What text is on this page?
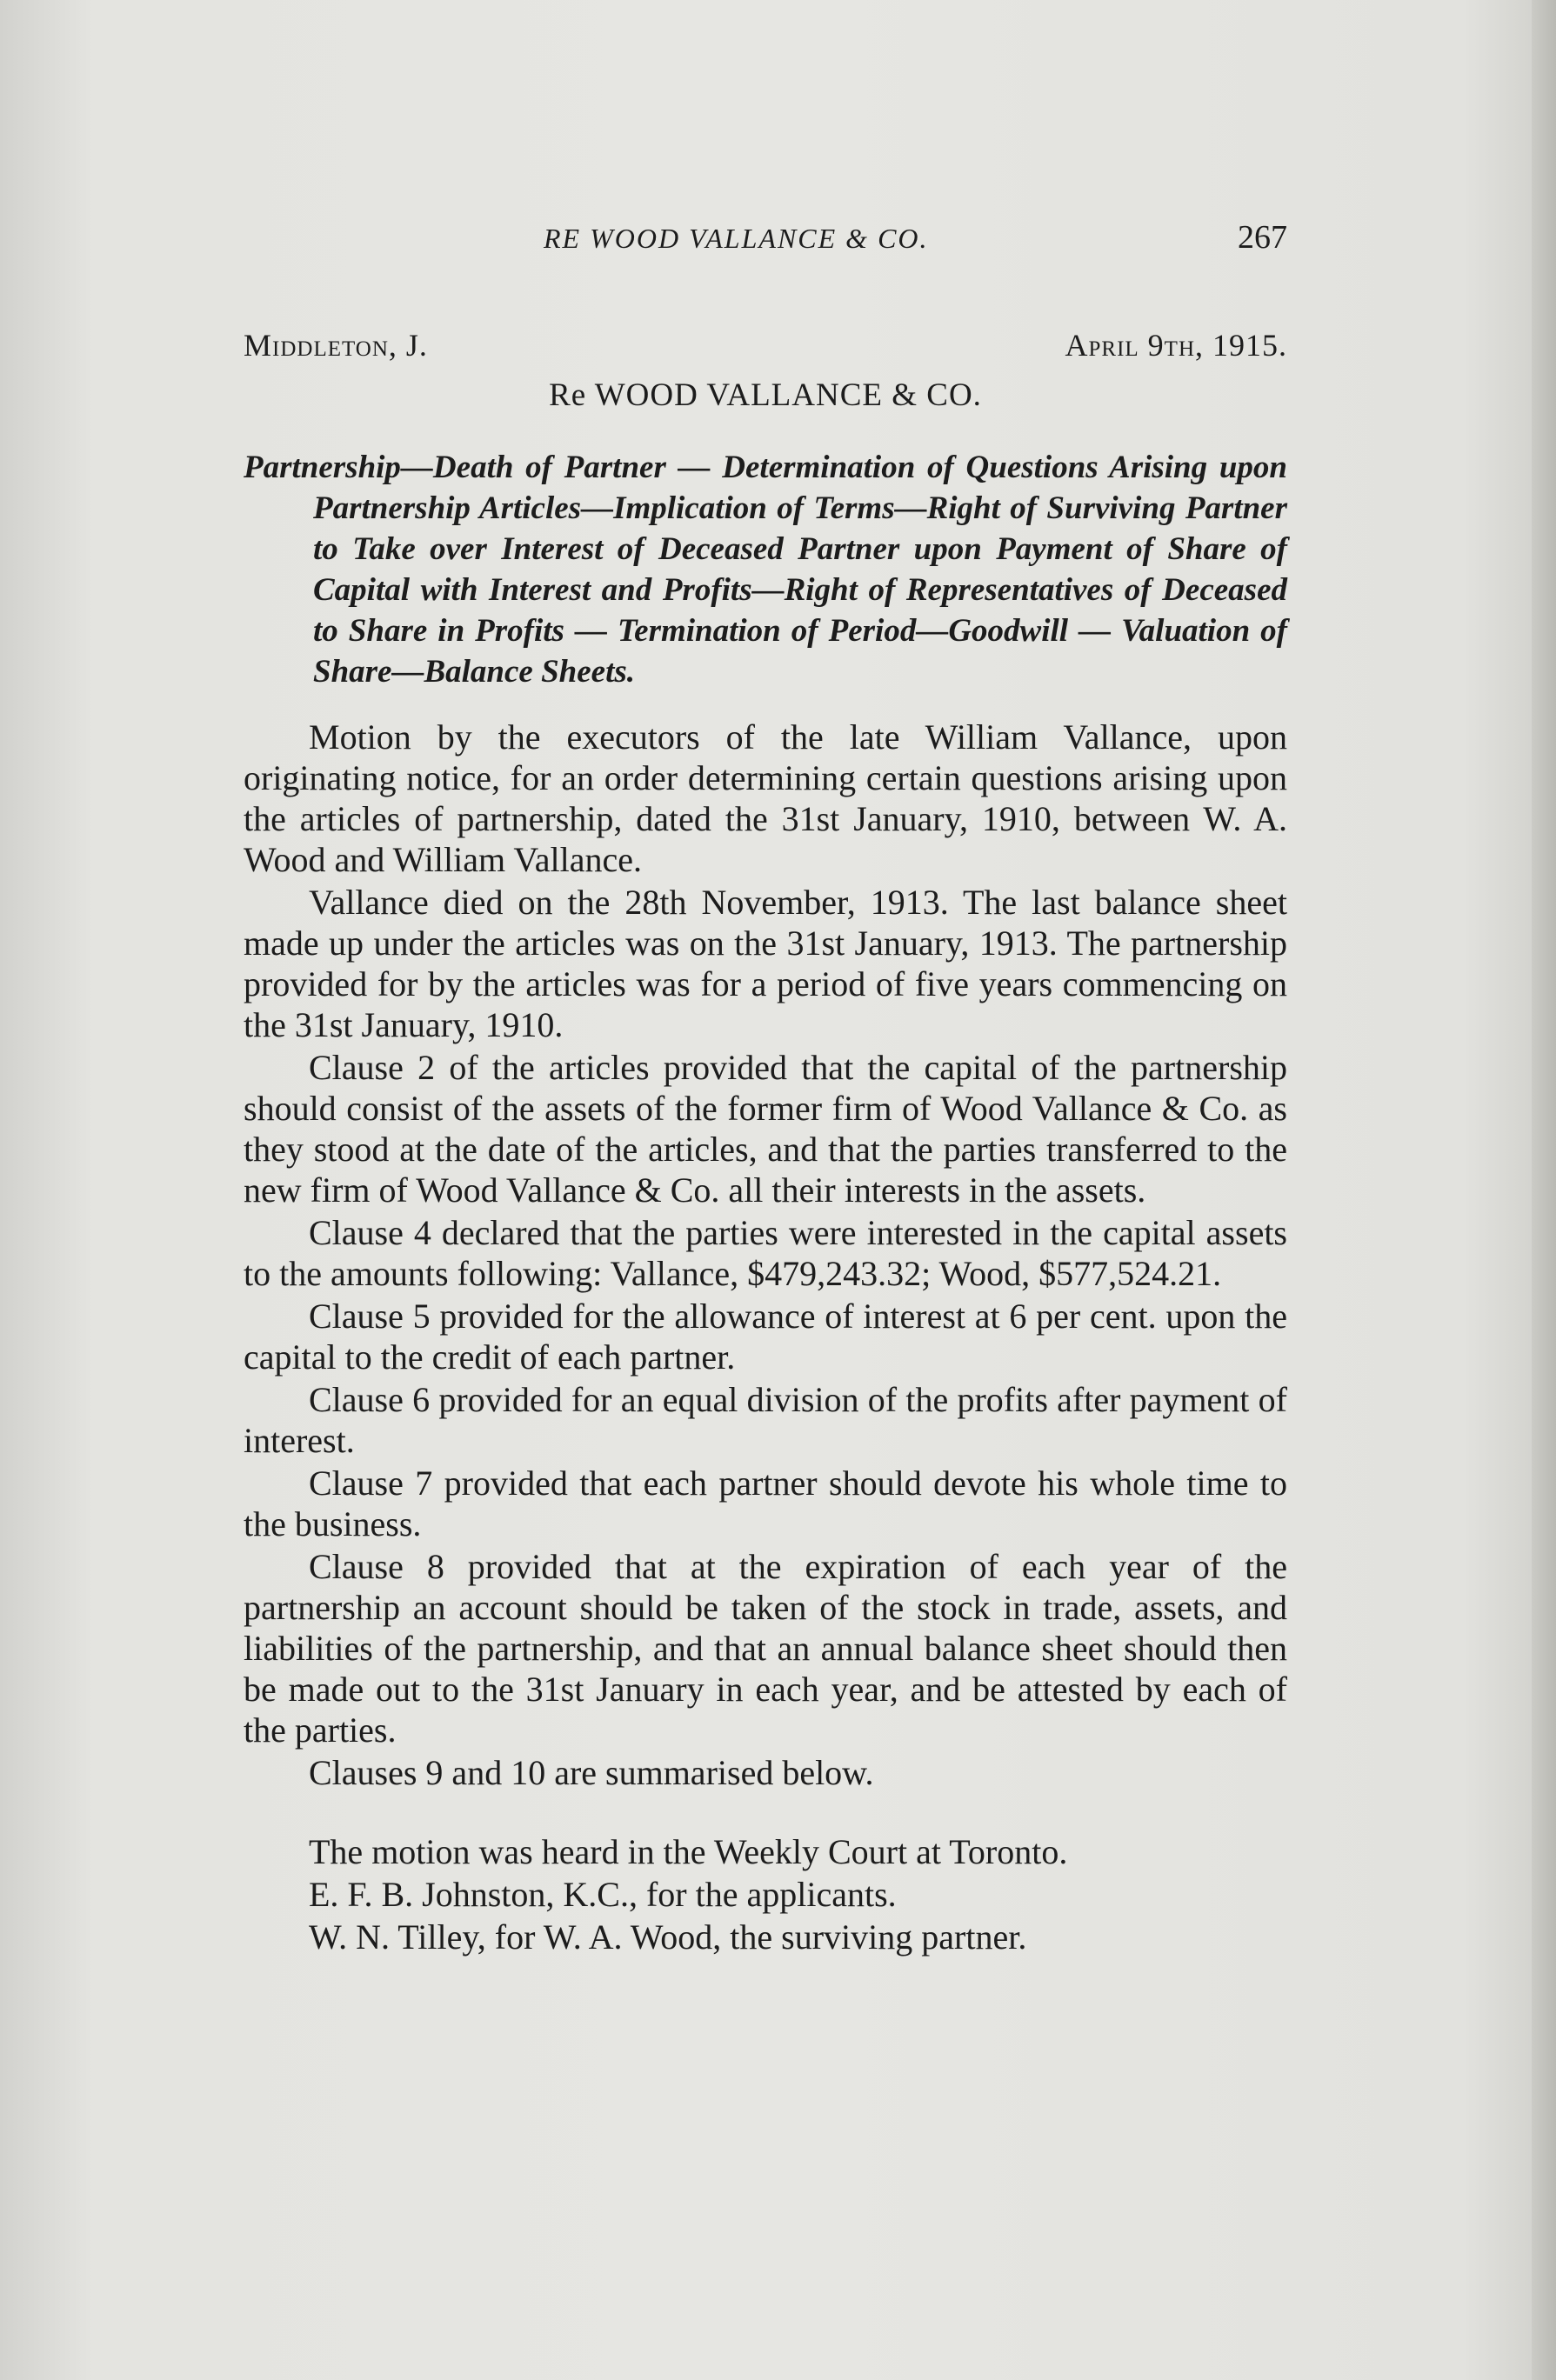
RE WOOD VALLANCE & CO.	267
Middleton, J.	April 9th, 1915.
Re WOOD VALLANCE & CO.
Partnership—Death of Partner — Determination of Questions Arising upon Partnership Articles—Implication of Terms—Right of Surviving Partner to Take over Interest of Deceased Partner upon Payment of Share of Capital with Interest and Profits—Right of Representatives of Deceased to Share in Profits — Termination of Period—Goodwill — Valuation of Share—Balance Sheets.

Motion by the executors of the late William Vallance, upon originating notice, for an order determining certain questions arising upon the articles of partnership, dated the 31st January, 1910, between W. A. Wood and William Vallance.

Vallance died on the 28th November, 1913. The last balance sheet made up under the articles was on the 31st January, 1913. The partnership provided for by the articles was for a period of five years commencing on the 31st January, 1910.

Clause 2 of the articles provided that the capital of the partnership should consist of the assets of the former firm of Wood Vallance & Co. as they stood at the date of the articles, and that the parties transferred to the new firm of Wood Vallance & Co. all their interests in the assets.

Clause 4 declared that the parties were interested in the capital assets to the amounts following: Vallance, $479,243.32; Wood, $577,524.21.

Clause 5 provided for the allowance of interest at 6 per cent. upon the capital to the credit of each partner.

Clause 6 provided for an equal division of the profits after payment of interest.

Clause 7 provided that each partner should devote his whole time to the business.

Clause 8 provided that at the expiration of each year of the partnership an account should be taken of the stock in trade, assets, and liabilities of the partnership, and that an annual balance sheet should then be made out to the 31st January in each year, and be attested by each of the parties.

Clauses 9 and 10 are summarised below.

The motion was heard in the Weekly Court at Toronto.

E. F. B. Johnston, K.C., for the applicants.

W. N. Tilley, for W. A. Wood, the surviving partner.
